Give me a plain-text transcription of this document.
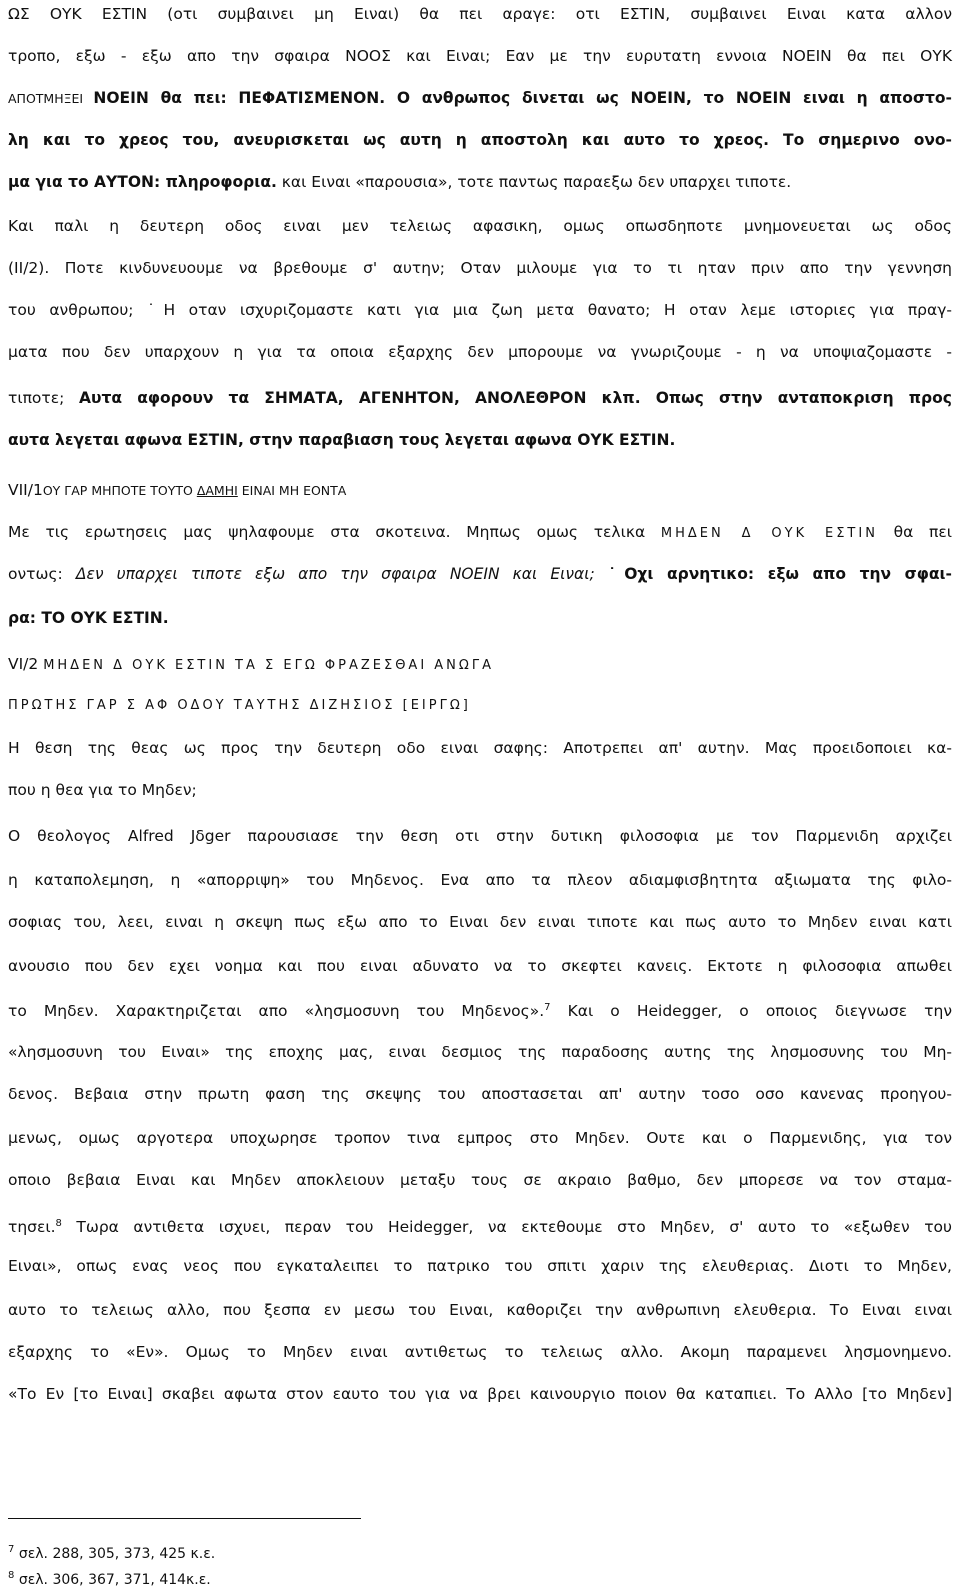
ΩΣ ΟΥΚ ΕΣΤΙΝ (οτι συμβαινει μη Ειναι) θα πει αραγε: οτι ΕΣΤΙΝ, συμβαινει Ειναι κατα αλλον
τροπο, εξω - εξω απο την σφαιρα ΝΟΟΣ και Ειναι; Εαν με την ευρυτατη εννοια ΝΟΕΙΝ θα πει ΟΥΚ
ΑΠΟΤΜΗΞΕΙ ΝΟΕΙΝ θα πει: ΠΕΦΑΤΙΣΜΕΝΟΝ. Ο ανθρωπος δινεται ως ΝΟΕΙΝ, το ΝΟΕΙΝ ειναι η αποστο-
λη και το χρεος του, ανευρισκεται ως αυτη η αποστολη και αυτο το χρεος. Το σημερινο ονο-
μα για το ΑΥΤΟΝ: πληροφορια. και Ειναι «παρουσια», τοτε παντως παραεξω δεν υπαρχει τιποτε.
Και παλι η δευτερη οδος ειναι μεν τελειως αφασικη, ομως οπωσδηποτε μνημονευεται ως οδος
(ΙΙ/2). Ποτε κινδυνευουμε να βρεθουμε σ' αυτην; Οταν μιλουμε για το τι ηταν πριν απο την γεννηση
του ανθρωπου; ˙Η οταν ισχυριζομαστε κατι για μια ζωη μετα θανατο; Η οταν λεμε ιστοριες για πραγ-
ματα που δεν υπαρχουν η για τα οποια εξαρχης δεν μπορουμε να γνωριζουμε - η να υποψιαζομαστε -
τιποτε; Αυτα αφορουν τα ΣΗΜΑΤΑ, ΑΓΕΝΗΤΟΝ, ΑΝΟΛΕΘΡΟΝ κλπ. Οπως στην ανταποκριση προς
αυτα λεγεται αφωνα ΕΣΤΙΝ, στην παραβιαση τους λεγεται αφωνα ΟΥΚ ΕΣΤΙΝ.
VII/1ΟΥ ΓΑΡ ΜΗΠΟΤΕ ΤΟΥΤΟ ΔΑΜΗΙ ΕΙΝΑΙ ΜΗ ΕΟΝΤΑ
Με τις ερωτησεις μας ψηλαφουμε στα σκοτεινα. Μηπως ομως τελικα ΜΗΔΕΝ Δ ΟΥΚ ΕΣΤΙΝ θα πει
οντως: Δεν υπαρχει τιποτε εξω απο την σφαιρα ΝΟΕΙΝ και Ειναι; ˙Οχι αρνητικο: εξω απο την σφαι-
ρα: ΤΟ ΟΥΚ ΕΣΤΙΝ.
VI/2 ΜΗΔΕΝ Δ ΟΥΚ ΕΣΤΙΝ ΤΑ Σ ΕΓΩ ΦΡΑΖΕΣΘΑΙ ΑΝΩΓΑ
ΠΡΩΤΗΣ ΓΑΡ Σ ΑΦ ΟΔΟΥ ΤΑΥΤΗΣ ΔΙΖΗΣΙΟΣ [ΕΙΡΓΩ]
Η θεση της θεας ως προς την δευτερη οδο ειναι σαφης: Αποτρεπει απ' αυτην. Μας προειδοποιει κα-
που η θεα για το Μηδεν;
Ο θεολογος Alfred Jδger παρουσιασε την θεση οτι στην δυτικη φιλοσοφια με τον Παρμενιδη αρχιζει
η καταπολεμηση, η «απορριψη» του Μηδενος. Ενα απο τα πλεον αδιαμφισβητητα αξιωματα της φιλο-
σοφιας του, λεει, ειναι η σκεψη πως εξω απο το Ειναι δεν ειναι τιποτε και πως αυτο το Μηδεν ειναι κατι
ανουσιο που δεν εχει νοημα και που ειναι αδυνατο να το σκεφτει κανεις. Εκτοτε η φιλοσοφια απωθει
το Μηδεν. Χαρακτηριζεται απο «λησμοσυνη του Μηδενος».$^7$ Και ο Heidegger, ο οποιος διεγνωσε την
«λησμοσυνη του Ειναι» της εποχης μας, ειναι δεσμιος της παραδοσης αυτης της λησμοσυνης του Μη-
δενος. Βεβαια στην πρωτη φαση της σκεψης του αποστασεται απ' αυτην τοσο οσο κανενας προηγου-
μενως, ομως αργοτερα υποχωρησε τροπον τινα εμπρος στο Μηδεν. Ουτε και ο Παρμενιδης, για τον
οποιο βεβαια Ειναι και Μηδεν αποκλειουν μεταξυ τους σε ακραιο βαθμο, δεν μπορεσε να τον σταμα-
τησει.$^8$ Τωρα αντιθετα ισχυει, περαν του Heidegger, να εκτεθουμε στο Μηδεν, σ' αυτο το «εξωθεν του
Ειναι», οπως ενας νεος που εγκαταλειπει το πατρικο του σπιτι χαριν της ελευθεριας. Διοτι το Μηδεν,
αυτο το τελειως αλλο, που ξεσπα εν μεσω του Ειναι, καθοριζει την ανθρωπινη ελευθερια. Το Ειναι ειναι
εξαρχης το «Εν». Ομως το Μηδεν ειναι αντιθετως το τελειως αλλο. Ακομη παραμενει λησμονημενο.
«Το Εν [το Ειναι] σκαβει αφωτα στον εαυτο του για να βρει καινουργιο ποιον θα καταπιει. Το Αλλο [το Μηδεν]
$^7$ σελ. 288, 305, 373, 425 κ.ε.
$^8$ σελ. 306, 367, 371, 414κ.ε.
